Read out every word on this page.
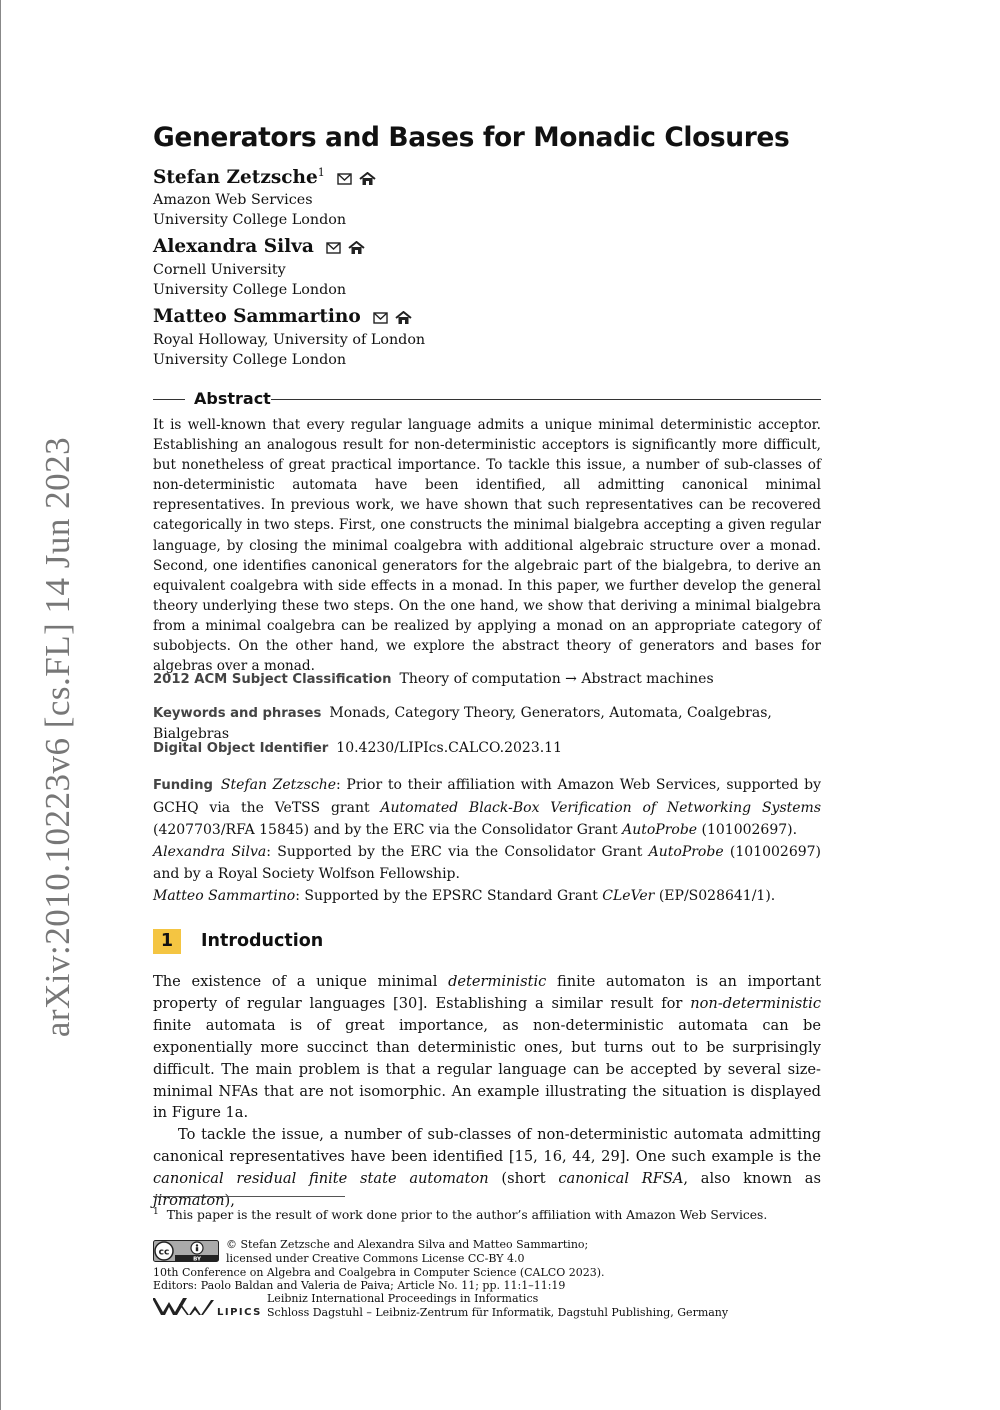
arXiv:2010.10223v6 [cs.FL] 14 Jun 2023
Generators and Bases for Monadic Closures
Stefan Zetzsche$^1$
Amazon Web Services
University College London
Alexandra Silva
Cornell University
University College London
Matteo Sammartino
Royal Holloway, University of London
University College London
Abstract
It is well-known that every regular language admits a unique minimal deterministic acceptor. Establishing an analogous result for non-deterministic acceptors is significantly more difficult, but nonetheless of great practical importance. To tackle this issue, a number of sub-classes of non-deterministic automata have been identified, all admitting canonical minimal representatives. In previous work, we have shown that such representatives can be recovered categorically in two steps. First, one constructs the minimal bialgebra accepting a given regular language, by closing the minimal coalgebra with additional algebraic structure over a monad. Second, one identifies canonical generators for the algebraic part of the bialgebra, to derive an equivalent coalgebra with side effects in a monad. In this paper, we further develop the general theory underlying these two steps. On the one hand, we show that deriving a minimal bialgebra from a minimal coalgebra can be realized by applying a monad on an appropriate category of subobjects. On the other hand, we explore the abstract theory of generators and bases for algebras over a monad.
2012 ACM Subject Classification Theory of computation → Abstract machines
Keywords and phrases Monads, Category Theory, Generators, Automata, Coalgebras, Bialgebras
Digital Object Identifier 10.4230/LIPIcs.CALCO.2023.11

Funding Stefan Zetzsche: Prior to their affiliation with Amazon Web Services, supported by GCHQ via the VeTSS grant Automated Black-Box Verification of Networking Systems (4207703/RFA 15845) and by the ERC via the Consolidator Grant AutoProbe (101002697).

Alexandra Silva: Supported by the ERC via the Consolidator Grant AutoProbe (101002697) and by a Royal Society Wolfson Fellowship.

Matteo Sammartino: Supported by the EPSRC Standard Grant CLeVer (EP/S028641/1).

1 Introduction

The existence of a unique minimal deterministic finite automaton is an important property of regular languages [30]. Establishing a similar result for non-deterministic finite automata is of great importance, as non-deterministic automata can be exponentially more succinct than deterministic ones, but turns out to be surprisingly difficult. The main problem is that a regular language can be accepted by several size-minimal NFAs that are not isomorphic. An example illustrating the situation is displayed in Figure 1a.

To tackle the issue, a number of sub-classes of non-deterministic automata admitting canonical representatives have been identified [15, 16, 44, 29]. One such example is the canonical residual finite state automaton (short canonical RFSA, also known as jiromaton),

$^1$ This paper is the result of work done prior to the author’s affiliation with Amazon Web Services.
cc
BY
© Stefan Zetzsche and Alexandra Silva and Matteo Sammartino;
licensed under Creative Commons License CC-BY 4.0
10th Conference on Algebra and Coalgebra in Computer Science (CALCO 2023).
Editors: Paolo Baldan and Valeria de Paiva; Article No. 11; pp. 11:1–11:19
LIPICS
Leibniz International Proceedings in Informatics
Schloss Dagstuhl – Leibniz-Zentrum für Informatik, Dagstuhl Publishing, Germany
